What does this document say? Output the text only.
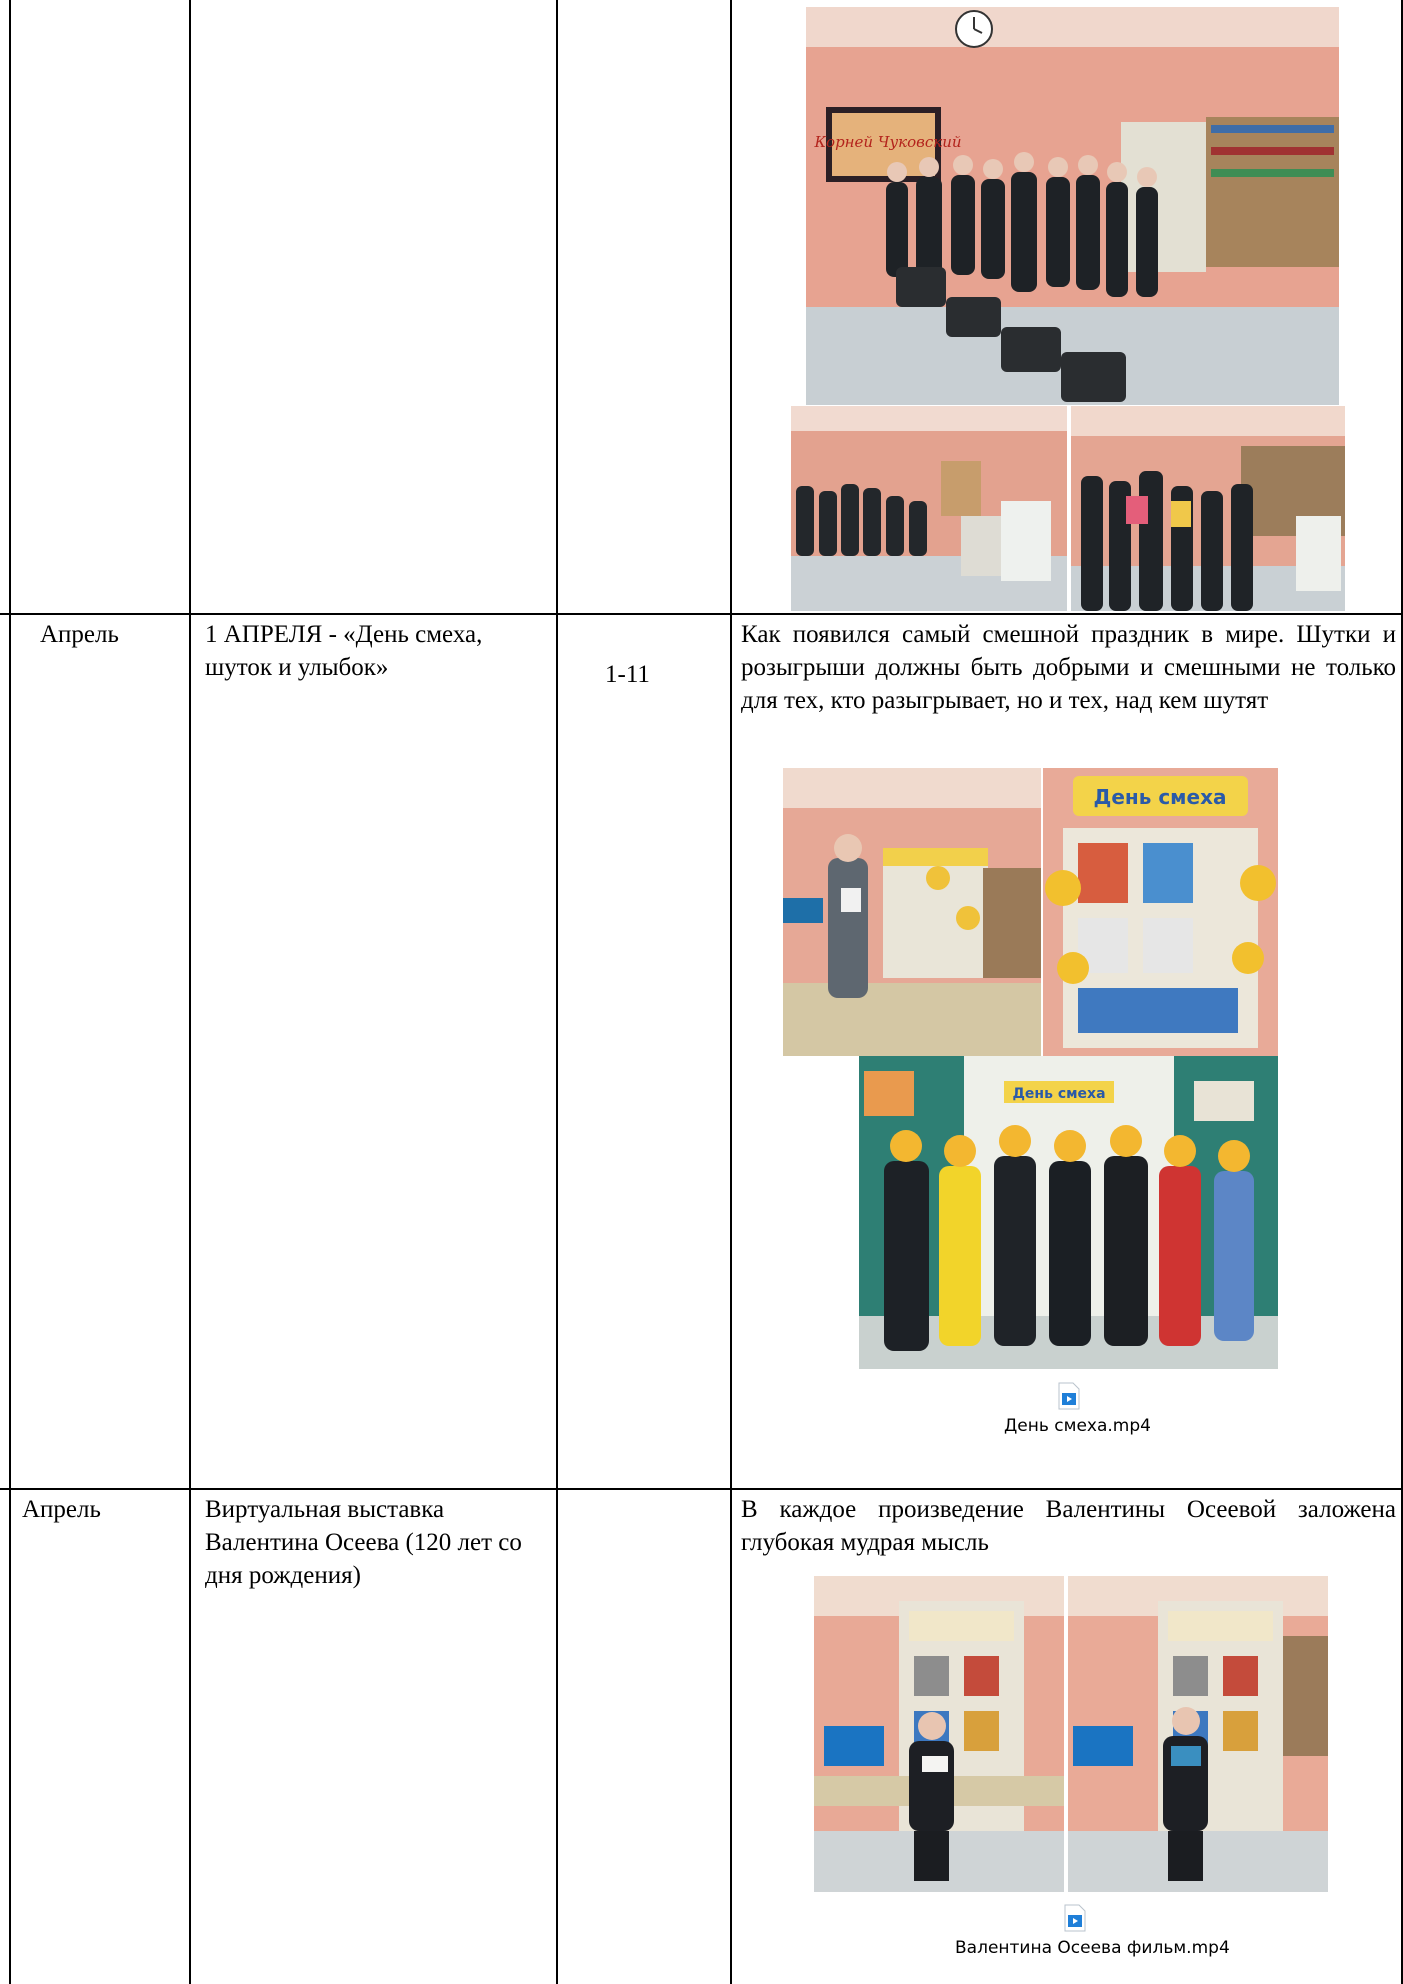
Корней Чуковский
Апрель	1 АПРЕЛЯ - «День смеха, шуток и улыбок»	1-11
Как появился самый смешной праздник в мире. Шутки и розыгрыши должны быть добрыми и смешными не только для тех, кто разыгрывает, но и тех, над кем шутят
День смеха
День смеха
День смеха.mp4
Апрель	Виртуальная выставка Валентина Осеева (120 лет со дня рождения)
В каждое произведение Валентины Осеевой заложена глубокая мудрая мысль
Валентина Осеева фильм.mp4
